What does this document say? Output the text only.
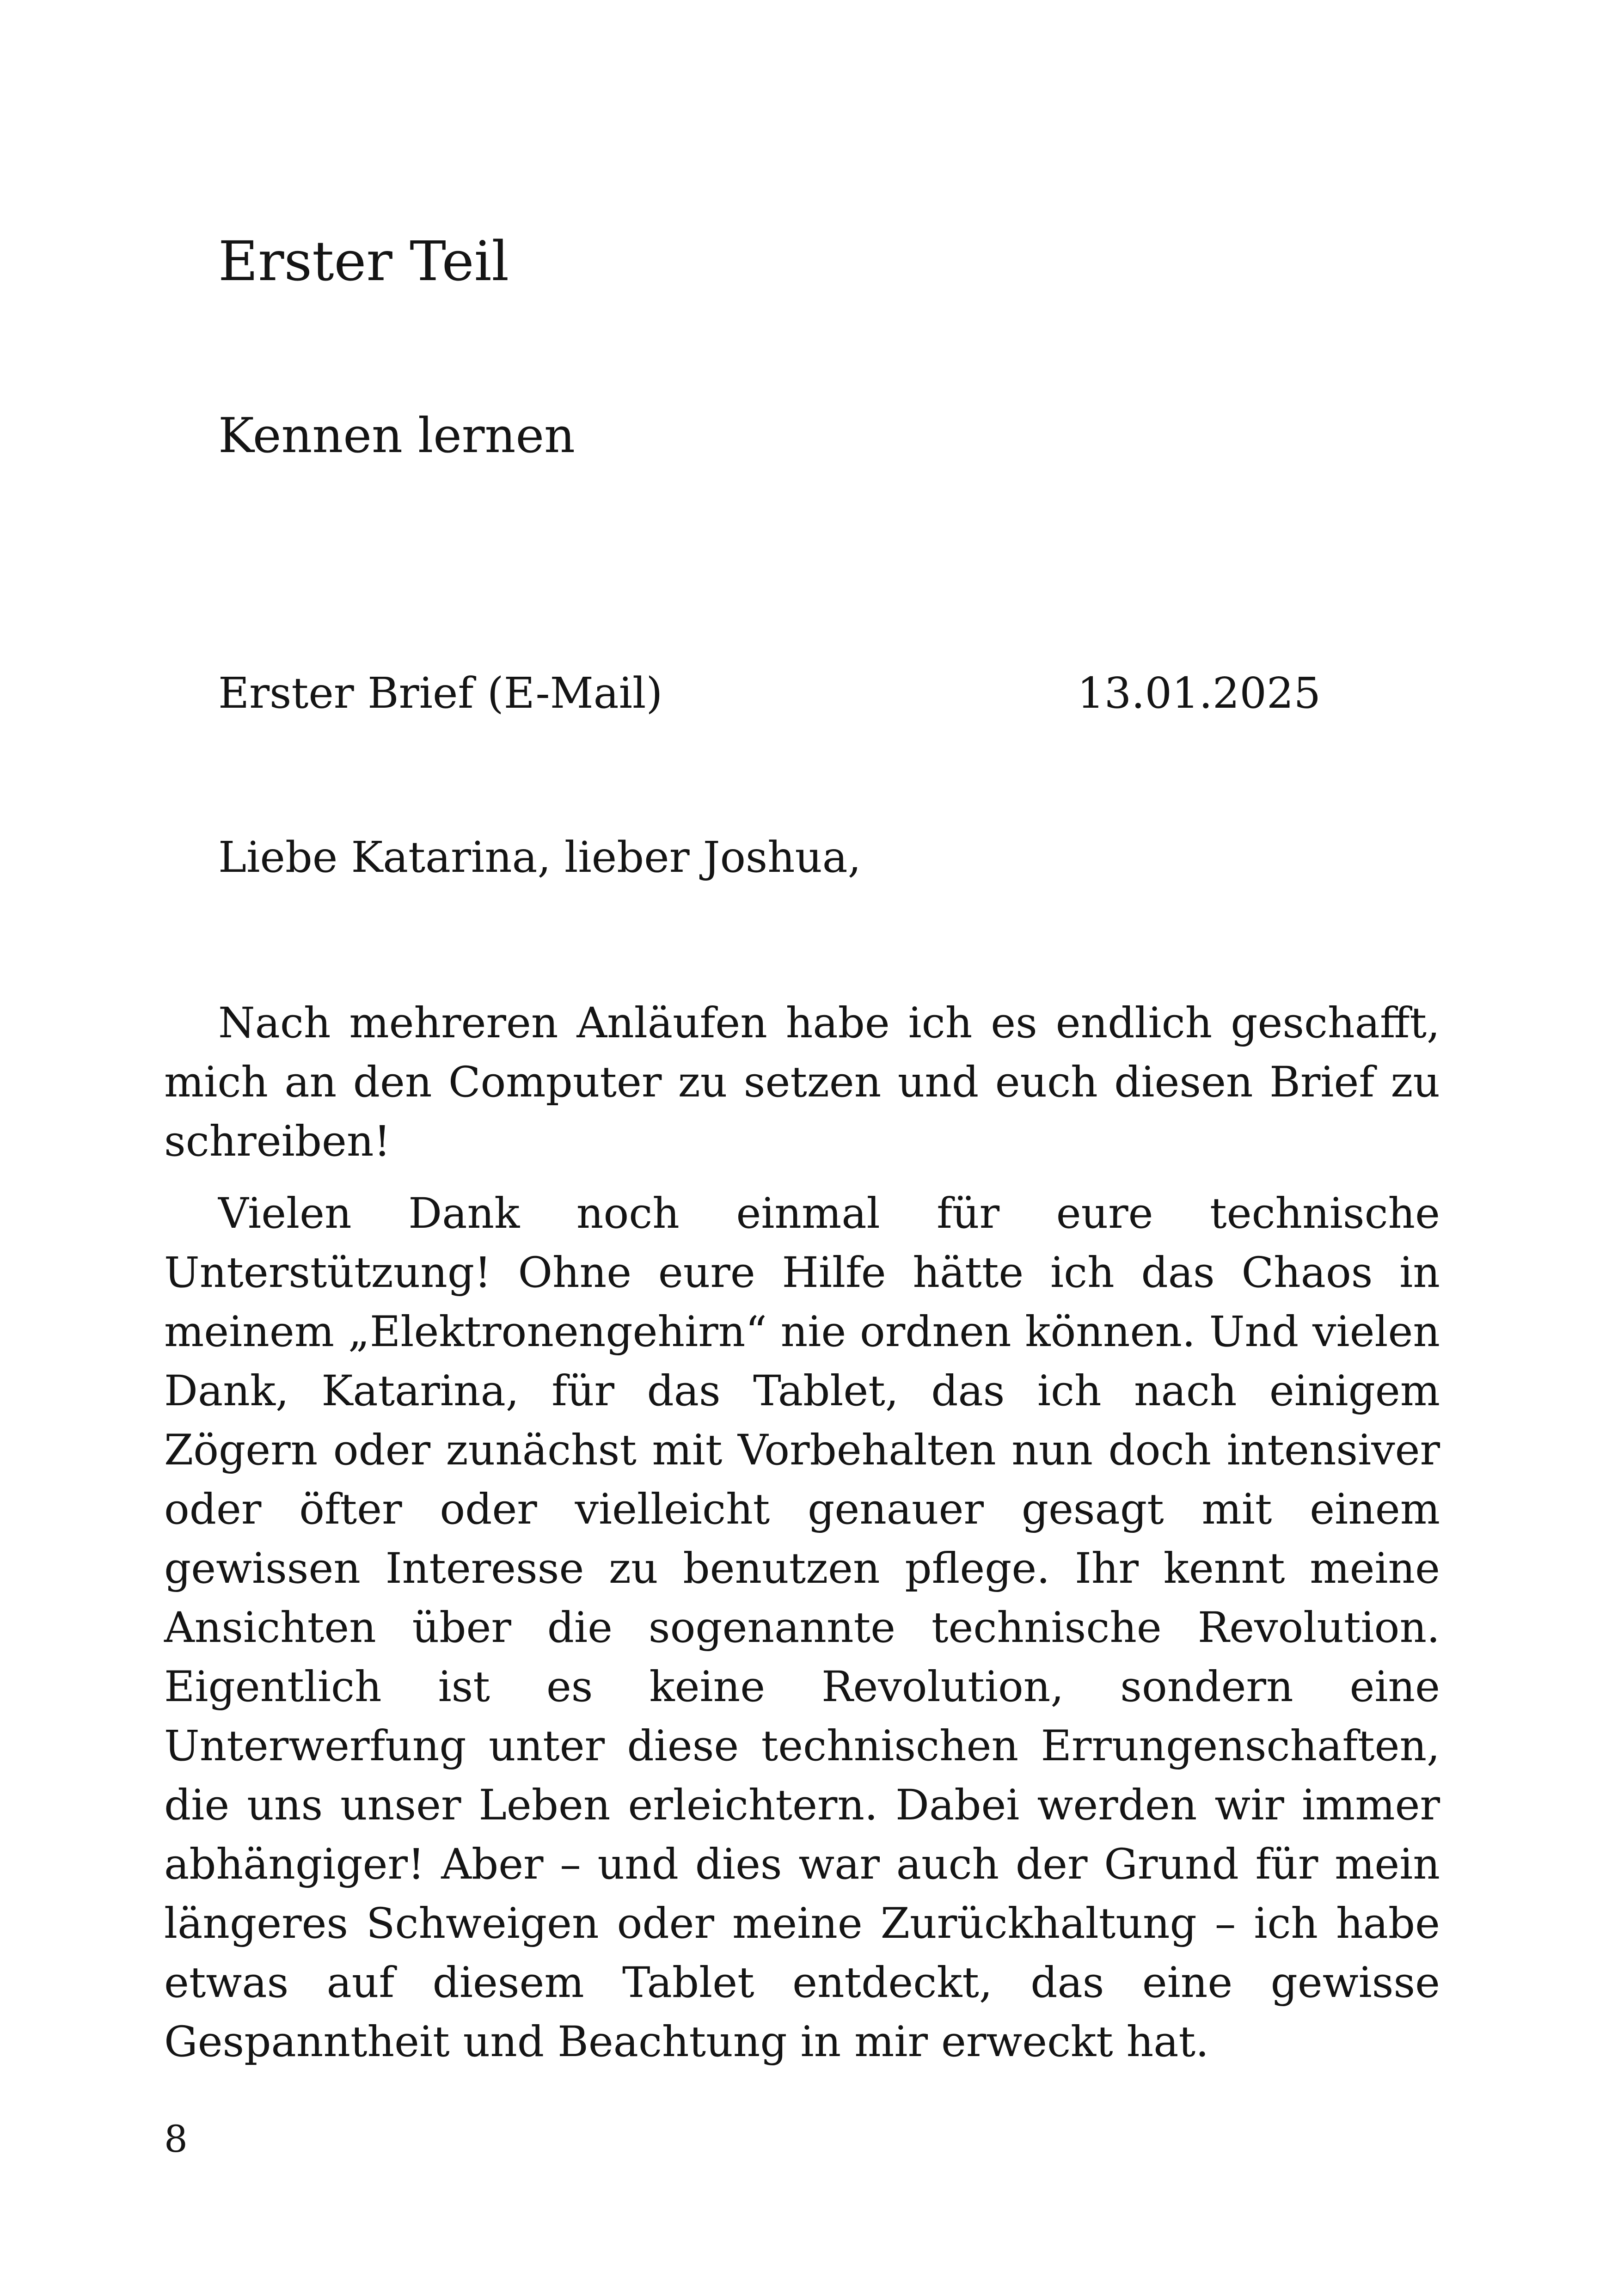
Erster Teil
Kennen lernen
Erster Brief (E-Mail)	13.01.2025
Liebe Katarina, lieber Joshua,

Nach mehreren Anläufen habe ich es endlich geschafft, mich an den Computer zu setzen und euch diesen Brief zu schreiben!

Vielen Dank noch einmal für eure technische Unterstützung! Ohne eure Hilfe hätte ich das Chaos in meinem „Elektronengehirn“ nie ordnen können. Und vielen Dank, Katarina, für das Tablet, das ich nach einigem Zögern oder zunächst mit Vorbehalten nun doch intensiver oder öfter oder vielleicht genauer gesagt mit einem gewissen Interesse zu benutzen pflege. Ihr kennt meine Ansichten über die sogenannte technische Revolution. Eigentlich ist es keine Revolution, sondern eine Unterwerfung unter diese technischen Errungenschaften, die uns unser Leben erleichtern. Dabei werden wir immer abhängiger! Aber – und dies war auch der Grund für mein längeres Schweigen oder meine Zurückhaltung – ich habe etwas auf diesem Tablet entdeckt, das eine gewisse Gespanntheit und Beachtung in mir erweckt hat.

8
